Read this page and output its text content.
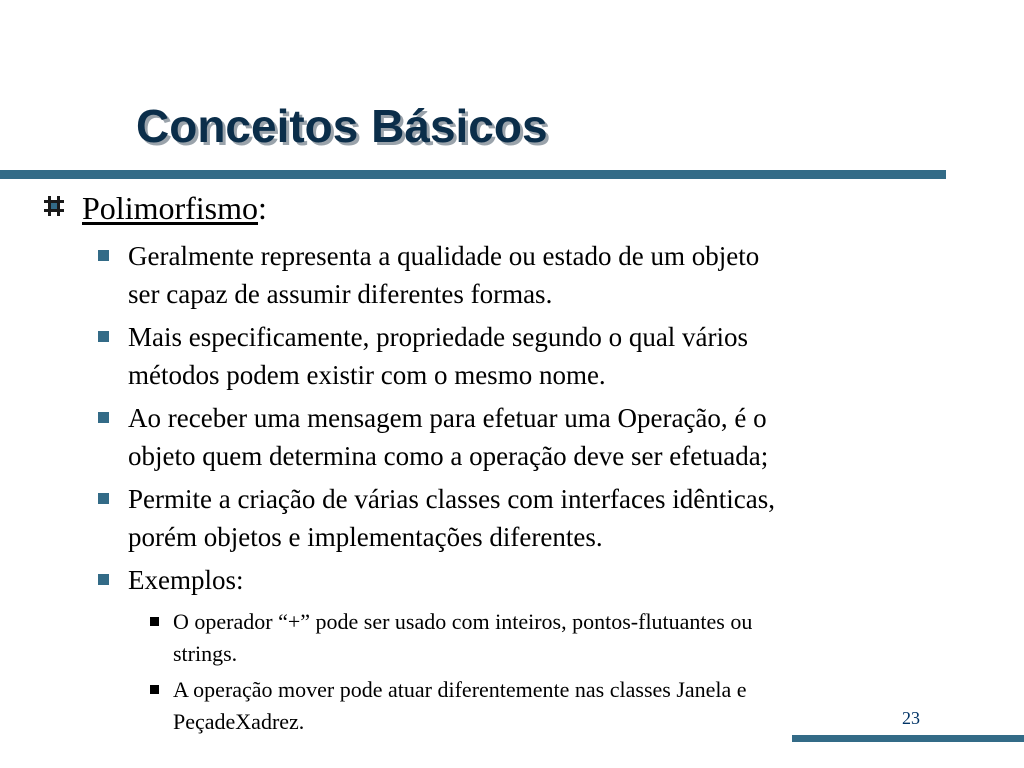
Conceitos Básicos
Polimorfismo:
Geralmente representa a qualidade ou estado de um objeto
ser capaz de assumir diferentes formas.
Mais especificamente, propriedade segundo o qual vários
métodos podem existir com o mesmo nome.
Ao receber uma mensagem para efetuar uma Operação, é o
objeto quem determina como a operação deve ser efetuada;
Permite a criação de várias classes com interfaces idênticas,
porém objetos e implementações diferentes.
Exemplos:
O operador “+” pode ser usado com inteiros, pontos-flutuantes ou
strings.
A operação mover pode atuar diferentemente nas classes Janela e
PeçadeXadrez.	23
